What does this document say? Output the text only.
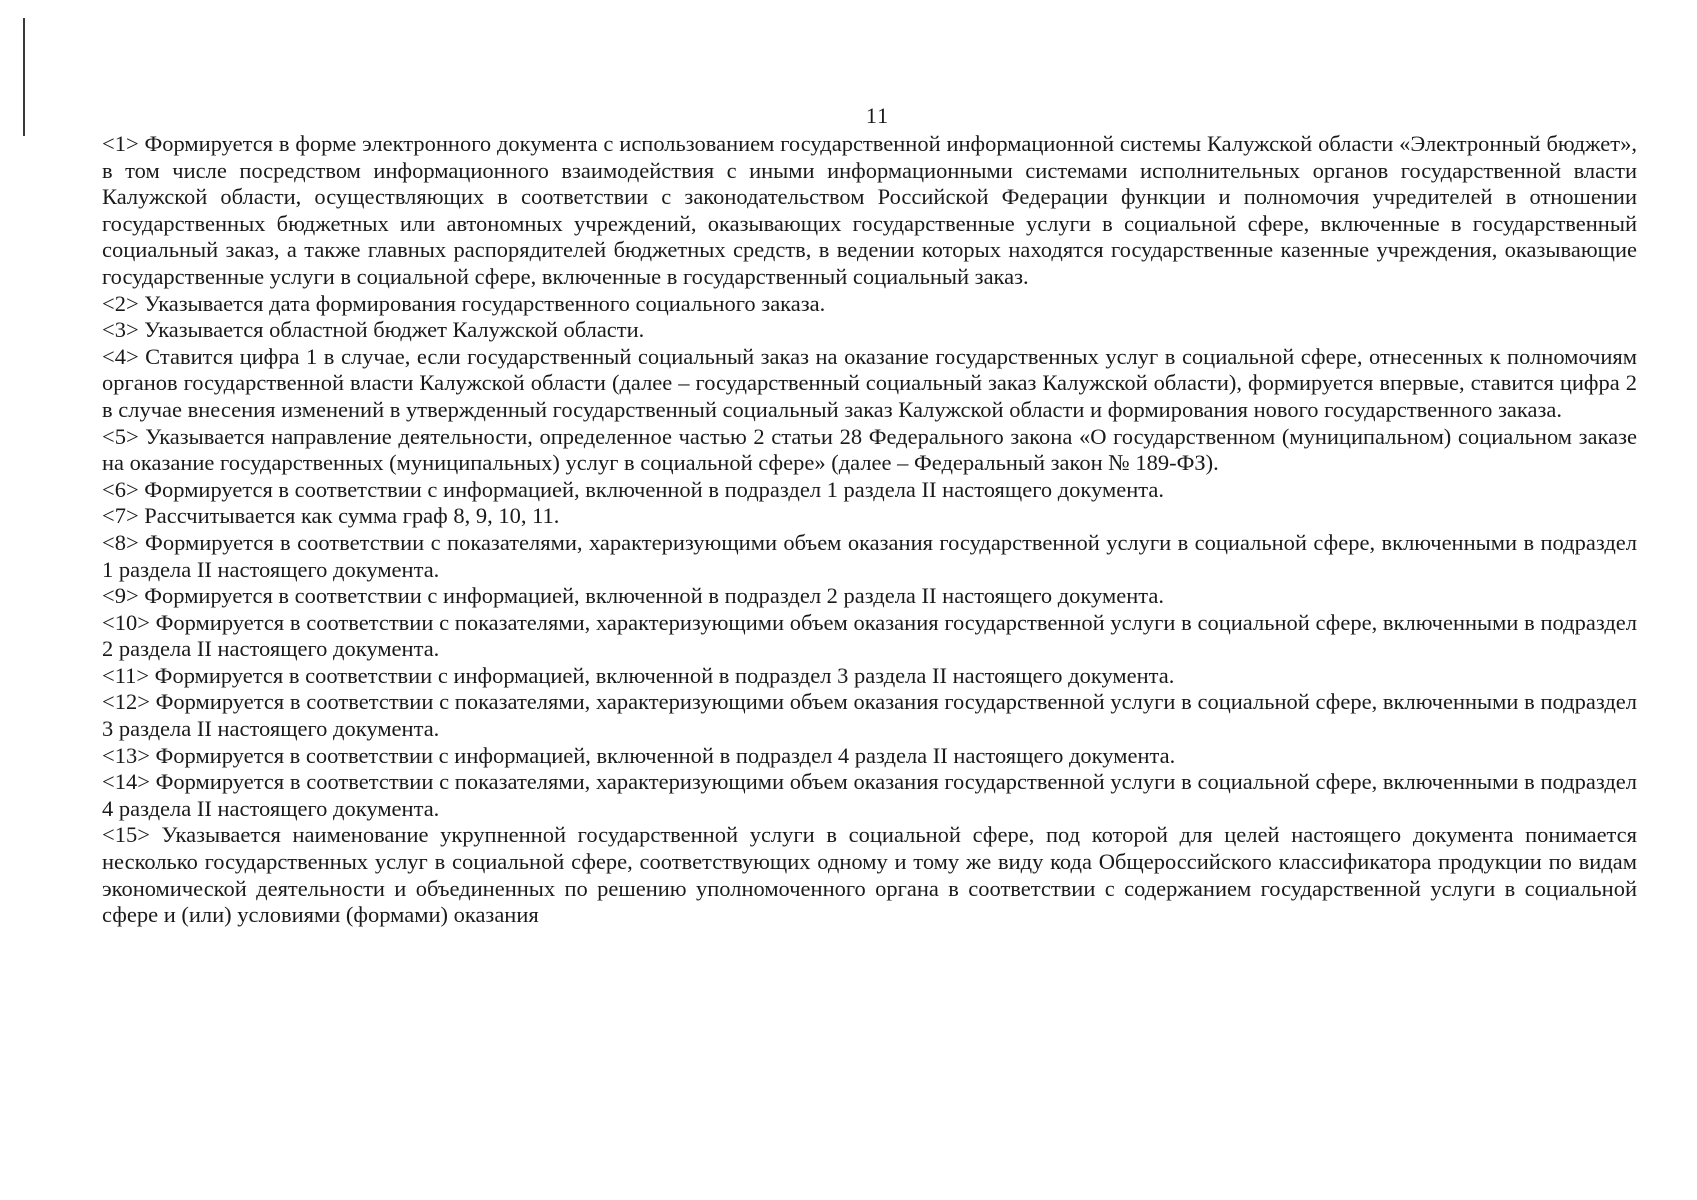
11

<1> Формируется в форме электронного документа с использованием государственной информационной системы Калужской области «Электронный бюджет», в том числе посредством информационного взаимодействия с иными информационными системами исполнительных органов государственной власти Калужской области, осуществляющих в соответствии с законодательством Российской Федерации функции и полномочия учредителей в отношении государственных бюджетных или автономных учреждений, оказывающих государственные услуги в социальной сфере, включенные в государственный социальный заказ, а также главных распорядителей бюджетных средств, в ведении которых находятся государственные казенные учреждения, оказывающие государственные услуги в социальной сфере, включенные в государственный социальный заказ.

<2> Указывается дата формирования государственного социального заказа.

<3> Указывается областной бюджет Калужской области.

<4> Ставится цифра 1 в случае, если государственный социальный заказ на оказание государственных услуг в социальной сфере, отнесенных к полномочиям органов государственной власти Калужской области (далее – государственный социальный заказ Калужской области), формируется впервые, ставится цифра 2 в случае внесения изменений в утвержденный государственный социальный заказ Калужской области и формирования нового государственного заказа.

<5> Указывается направление деятельности, определенное частью 2 статьи 28 Федерального закона «О государственном (муниципальном) социальном заказе на оказание государственных (муниципальных) услуг в социальной сфере» (далее – Федеральный закон № 189-ФЗ).

<6> Формируется в соответствии с информацией, включенной в подраздел 1 раздела II настоящего документа.

<7> Рассчитывается как сумма граф 8, 9, 10, 11.

<8> Формируется в соответствии с показателями, характеризующими объем оказания государственной услуги в социальной сфере, включенными в подраздел 1 раздела II настоящего документа.

<9> Формируется в соответствии с информацией, включенной в подраздел 2 раздела II настоящего документа.

<10> Формируется в соответствии с показателями, характеризующими объем оказания государственной услуги в социальной сфере, включенными в подраздел 2 раздела II настоящего документа.

<11> Формируется в соответствии с информацией, включенной в подраздел 3 раздела II настоящего документа.

<12> Формируется в соответствии с показателями, характеризующими объем оказания государственной услуги в социальной сфере, включенными в подраздел 3 раздела II настоящего документа.

<13> Формируется в соответствии с информацией, включенной в подраздел 4 раздела II настоящего документа.

<14> Формируется в соответствии с показателями, характеризующими объем оказания государственной услуги в социальной сфере, включенными в подраздел 4 раздела II настоящего документа.

<15> Указывается наименование укрупненной государственной услуги в социальной сфере, под которой для целей настоящего документа понимается несколько государственных услуг в социальной сфере, соответствующих одному и тому же виду кода Общероссийского классификатора продукции по видам экономической деятельности и объединенных по решению уполномоченного органа в соответствии с содержанием государственной услуги в социальной сфере и (или) условиями (формами) оказания
